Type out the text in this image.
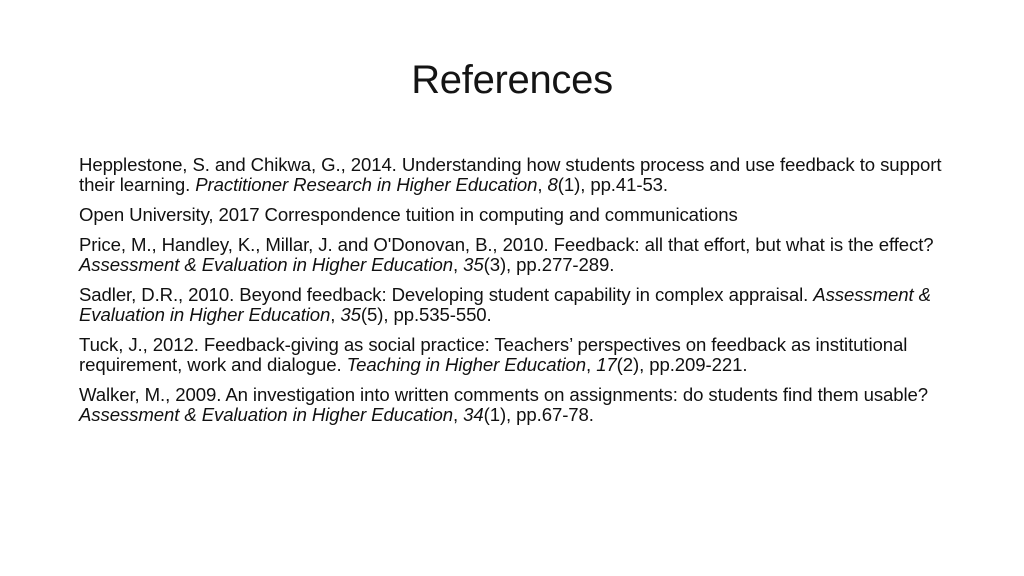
References
Hepplestone, S. and Chikwa, G., 2014. Understanding how students process and use feedback to support their learning. Practitioner Research in Higher Education, 8(1), pp.41-53.
Open University, 2017 Correspondence tuition in computing and communications
Price, M., Handley, K., Millar, J. and O'Donovan, B., 2010. Feedback: all that effort, but what is the effect? Assessment & Evaluation in Higher Education, 35(3), pp.277-289.
Sadler, D.R., 2010. Beyond feedback: Developing student capability in complex appraisal. Assessment & Evaluation in Higher Education, 35(5), pp.535-550.
Tuck, J., 2012. Feedback-giving as social practice: Teachers’ perspectives on feedback as institutional requirement, work and dialogue. Teaching in Higher Education, 17(2), pp.209-221.
Walker, M., 2009. An investigation into written comments on assignments: do students find them usable? Assessment & Evaluation in Higher Education, 34(1), pp.67-78.
